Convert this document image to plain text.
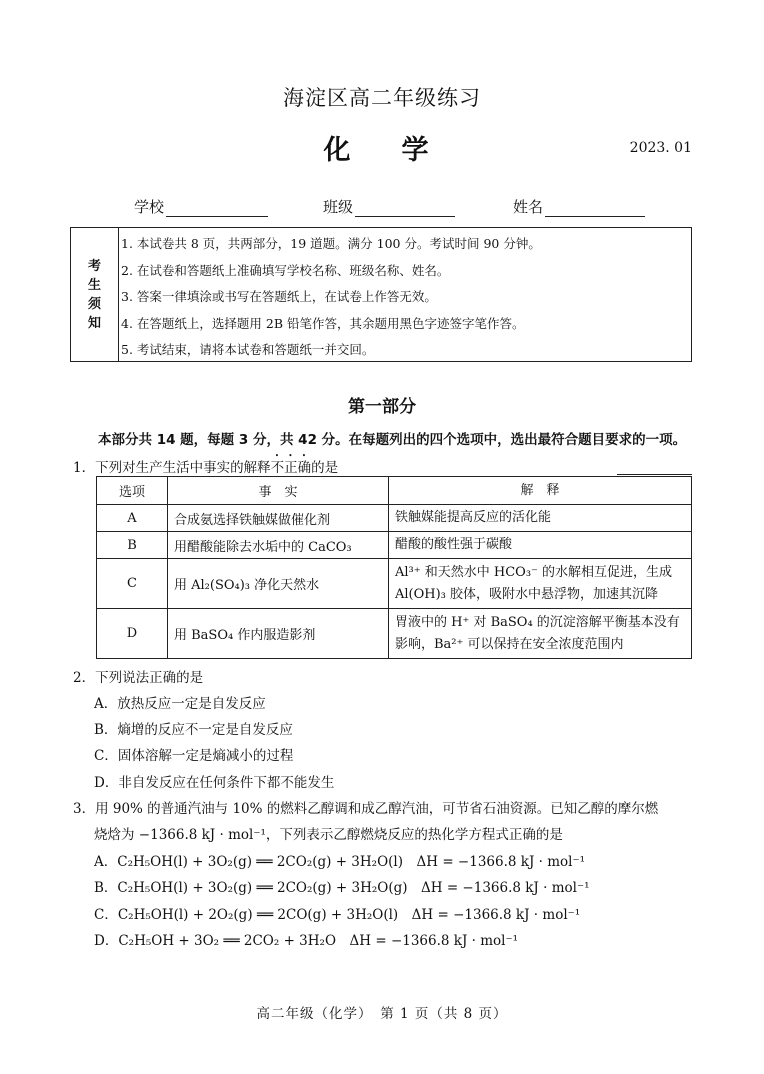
海淀区高二年级练习
化　学	2023. 01
学校	班级	姓名
考
生
须
知
1. 本试卷共 8 页，共两部分，19 道题。满分 100 分。考试时间 90 分钟。
2. 在试卷和答题纸上准确填写学校名称、班级名称、姓名。
3. 答案一律填涂或书写在答题纸上，在试卷上作答无效。
4. 在答题纸上，选择题用 2B 铅笔作答，其余题用黑色字迹签字笔作答。
5. 考试结束，请将本试卷和答题纸一并交回。
第一部分
本部分共 14 题，每题 3 分，共 42 分。在每题列出的四个选项中，选出最符合题目要求的一项。
1．下列对生产生活中事实的解释不正确的是
选项	事　实	解　释
A	合成氨选择铁触媒做催化剂	铁触媒能提高反应的活化能
B	用醋酸能除去水垢中的 CaCO₃	醋酸的酸性强于碳酸
C	用 Al₂(SO₄)₃ 净化天然水	Al³⁺ 和天然水中 HCO₃⁻ 的水解相互促进，生成 Al(OH)₃ 胶体，吸附水中悬浮物，加速其沉降
D	用 BaSO₄ 作内服造影剂	胃液中的 H⁺ 对 BaSO₄ 的沉淀溶解平衡基本没有影响，Ba²⁺ 可以保持在安全浓度范围内
2．下列说法正确的是
A．放热反应一定是自发反应
B．熵增的反应不一定是自发反应
C．固体溶解一定是熵减小的过程
D．非自发反应在任何条件下都不能发生
3．用 90% 的普通汽油与 10% 的燃料乙醇调和成乙醇汽油，可节省石油资源。已知乙醇的摩尔燃
烧焓为 −1366.8 kJ · mol⁻¹，下列表示乙醇燃烧反应的热化学方程式正确的是
A．C₂H₅OH(l) + 3O₂(g) ══ 2CO₂(g) + 3H₂O(l)　ΔH = −1366.8 kJ · mol⁻¹
B．C₂H₅OH(l) + 3O₂(g) ══ 2CO₂(g) + 3H₂O(g)　ΔH = −1366.8 kJ · mol⁻¹
C．C₂H₅OH(l) + 2O₂(g) ══ 2CO(g) + 3H₂O(l)　ΔH = −1366.8 kJ · mol⁻¹
D．C₂H₅OH + 3O₂ ══ 2CO₂ + 3H₂O　ΔH = −1366.8 kJ · mol⁻¹
高二年级（化学）　第 1 页（共 8 页）
